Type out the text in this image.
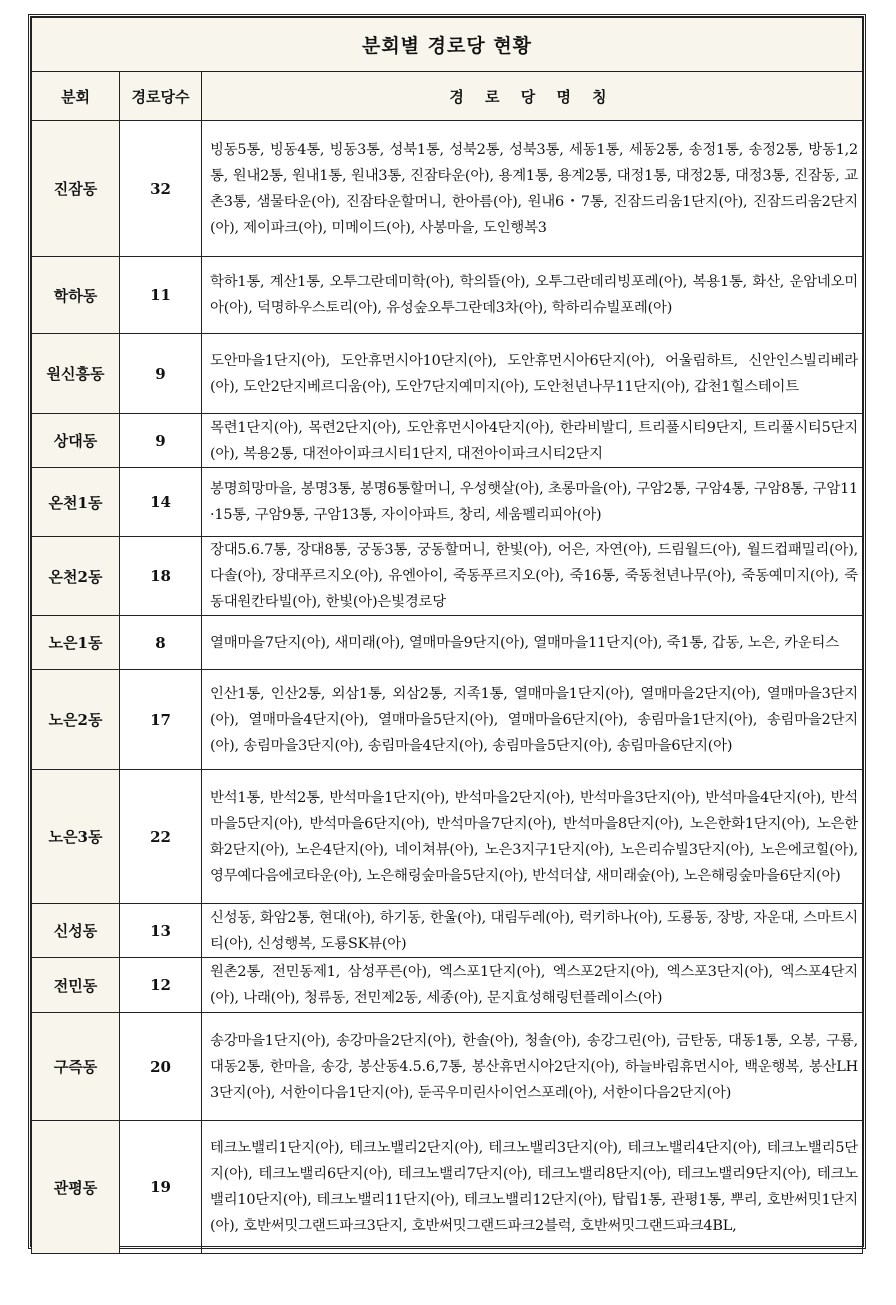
분회별 경로당 현황		
분회	경로당수	경 로 당 명 칭
진잠동	32	빙동5통, 빙동4통, 빙동3통, 성북1통, 성북2통, 성북3통, 세동1통, 세동2통, 송정1통, 송정2통, 방동1,2통, 원내2통, 원내1통, 원내3통, 진잠타운(아), 용계1통, 용계2통, 대정1통, 대정2통, 대정3통, 진잠동, 교촌3통, 샘물타운(아), 진잠타운할머니, 한아름(아), 원내6・7통, 진잠드리움1단지(아), 진잠드리움2단지(아), 제이파크(아), 미메이드(아), 사봉마을, 도인행복3
학하동	11	학하1통, 계산1통, 오투그란데미학(아), 학의뜰(아), 오투그란데리빙포레(아), 복용1통, 화산, 운암네오미아(아), 덕명하우스토리(아), 유성숲오투그란데3차(아), 학하리슈빌포레(아)
원신흥동	9	도안마을1단지(아), 도안휴먼시아10단지(아), 도안휴먼시아6단지(아), 어울림하트, 신안인스빌리베라(아), 도안2단지베르디움(아), 도안7단지예미지(아), 도안천년나무11단지(아), 갑천1힐스테이트
상대동	9	목련1단지(아), 목련2단지(아), 도안휴먼시아4단지(아), 한라비발디, 트리풀시티9단지, 트리풀시티5단지(아), 복용2통, 대전아이파크시티1단지, 대전아이파크시티2단지
온천1동	14	봉명희망마을, 봉명3통, 봉명6통할머니, 우성햇살(아), 초롱마을(아), 구암2통, 구암4통, 구암8통, 구암11·15통, 구암9통, 구암13통, 자이아파트, 창리, 세움펠리피아(아)
온천2동	18	장대5.6.7통, 장대8통, 궁동3통, 궁동할머니, 한빛(아), 어은, 자연(아), 드림월드(아), 월드컵패밀리(아), 다솔(아), 장대푸르지오(아), 유엔아이, 죽동푸르지오(아), 죽16통, 죽동천년나무(아), 죽동예미지(아), 죽동대원칸타빌(아), 한빛(아)은빛경로당
노은1동	8	열매마을7단지(아), 새미래(아), 열매마을9단지(아), 열매마을11단지(아), 죽1통, 갑동, 노은, 카운티스
노은2동	17	인산1통, 인산2통, 외삼1통, 외삼2통, 지족1통, 열매마을1단지(아), 열매마을2단지(아), 열매마을3단지(아), 열매마을4단지(아), 열매마을5단지(아), 열매마을6단지(아), 송림마을1단지(아), 송림마을2단지(아), 송림마을3단지(아), 송림마을4단지(아), 송림마을5단지(아), 송림마을6단지(아)
노은3동	22	반석1통, 반석2통, 반석마을1단지(아), 반석마을2단지(아), 반석마을3단지(아), 반석마을4단지(아), 반석마을5단지(아), 반석마을6단지(아), 반석마을7단지(아), 반석마을8단지(아), 노은한화1단지(아), 노은한화2단지(아), 노은4단지(아), 네이쳐뷰(아), 노은3지구1단지(아), 노은리슈빌3단지(아), 노은에코힐(아), 영무예다음에코타운(아), 노은해링숲마을5단지(아), 반석더샵, 새미래숲(아), 노은해링숲마을6단지(아)
신성동	13	신성동, 화암2통, 현대(아), 하기동, 한울(아), 대림두레(아), 럭키하나(아), 도룡동, 장방, 자운대, 스마트시티(아), 신성행복, 도룡SK뷰(아)
전민동	12	원촌2통, 전민동제1, 삼성푸른(아), 엑스포1단지(아), 엑스포2단지(아), 엑스포3단지(아), 엑스포4단지(아), 나래(아), 청류동, 전민제2동, 세종(아), 문지효성해링턴플레이스(아)
구즉동	20	송강마을1단지(아), 송강마을2단지(아), 한솔(아), 청솔(아), 송강그린(아), 금탄동, 대동1통, 오봉, 구룡, 대동2통, 한마을, 송강, 봉산동4.5.6,7통, 봉산휴먼시아2단지(아), 하늘바림휴먼시아, 백운행복, 봉산LH3단지(아), 서한이다음1단지(아), 둔곡우미린사이언스포레(아), 서한이다음2단지(아)
관평동	19	테크노밸리1단지(아), 테크노밸리2단지(아), 테크노밸리3단지(아), 테크노밸리4단지(아), 테크노밸리5단지(아), 테크노밸리6단지(아), 테크노밸리7단지(아), 테크노밸리8단지(아), 테크노밸리9단지(아), 테크노밸리10단지(아), 테크노밸리11단지(아), 테크노밸리12단지(아), 탑립1통, 관평1통, 뿌리, 호반써밋1단지(아), 호반써밋그랜드파크3단지, 호반써밋그랜드파크2블럭, 호반써밋그랜드파크4BL,
